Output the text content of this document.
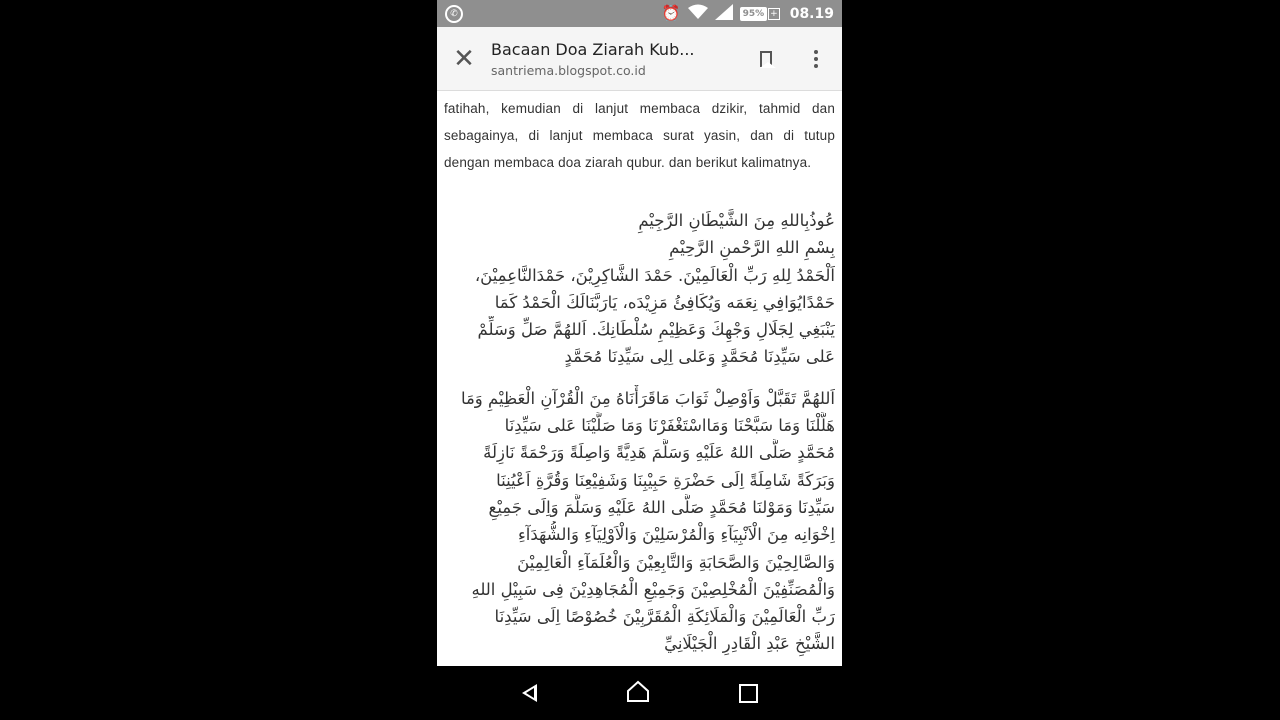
✆	⏰	95% + 08.19
✕ Bacaan Doa Ziarah Kub...
santriema.blogspot.co.id

fatihah, kemudian di lanjut membaca dzikir, tahmid dan sebagainya, di lanjut membaca surat yasin, dan di tutup dengan membaca doa ziarah qubur. dan berikut kalimatnya.

عُوذُبِاللهِ مِنَ الشَّيْطَانِ الرَّجِيْمِ
بِسْمِ اللهِ الرَّحْمنِ الرَّحِيْمِ
اَلْحَمْدُ لِلهِ رَبِّ الْعَالَمِيْنَ. حَمْدَ الشَّاكِرِيْنَ، حَمْدَالنَّاعِمِيْنَ،
حَمْدًايُوَافِي نِعَمَه وَيُكَافِئُ مَزِيْدَه، يَارَبَّنَالَكَ الْحَمْدُ كَمَا
يَنْبَغِي لِجَلَالِ وَجْهِكَ وَعَظِيْمِ سُلْطَانِكَ. اَللهُمَّ صَلِّ وَسَلِّمْ
عَلى سَيِّدِنَا مُحَمَّدٍ وَعَلى اِلِى سَيِّدِنَا مُحَمَّدٍ
اَللهُمَّ تَقَبَّلْ وَاَوْصِلْ ثَوَابَ مَاقَرَأْنَاهُ مِنَ الْقُرْآنِ الْعَظِيْمِ وَمَا
هَلَّلْنَا وَمَا سَبَّحْنَا وَمَااسْتَغْفَرْنَا وَمَا صَلَّيْنَا عَلى سَيِّدِنَا
مُحَمَّدٍ صَلَّى اللهُ عَلَيْهِ وَسَلَّمَ هَدِيَّةً وَاصِلَةً وَرَحْمَةً نَازِلَةً
وَبَرَكَةً شَامِلَةً اِلَى حَضْرَةِ حَبِيْبِنَا وَشَفِيْعِنَا وَقُرَّةِ اَعْيُنِنَا
سَيِّدِنَا وَمَوْلنَا مُحَمَّدٍ صَلَّى اللهُ عَلَيْهِ وَسَلَّمَ وَاِلَى جَمِيْعِ
اِخْوَانِه مِنَ الْاَنْبِيَآءِ وَالْمُرْسَلِيْنَ وَالْاَوْلِيَآءِ وَالشُّهَدَآءِ
وَالصَّالِحِيْنَ وَالصَّحَابَةِ وَالتَّابِعِيْنَ وَالْعُلَمَآءِ الْعَالِمِيْنَ
وَالْمُصَنِّفِيْنَ الْمُخْلِصِيْنَ وَجَمِيْعِ الْمُجَاهِدِيْنَ فِى سَبِيْلِ اللهِ
رَبِّ الْعَالَمِيْنَ وَالْمَلَائِكَةِ الْمُقَرَّبِيْنَ خُصُوْصًا اِلَى سَيِّدِنَا
الشَّيْخِ عَبْدِ الْقَادِرِ الْجَيْلَانِيِّ
